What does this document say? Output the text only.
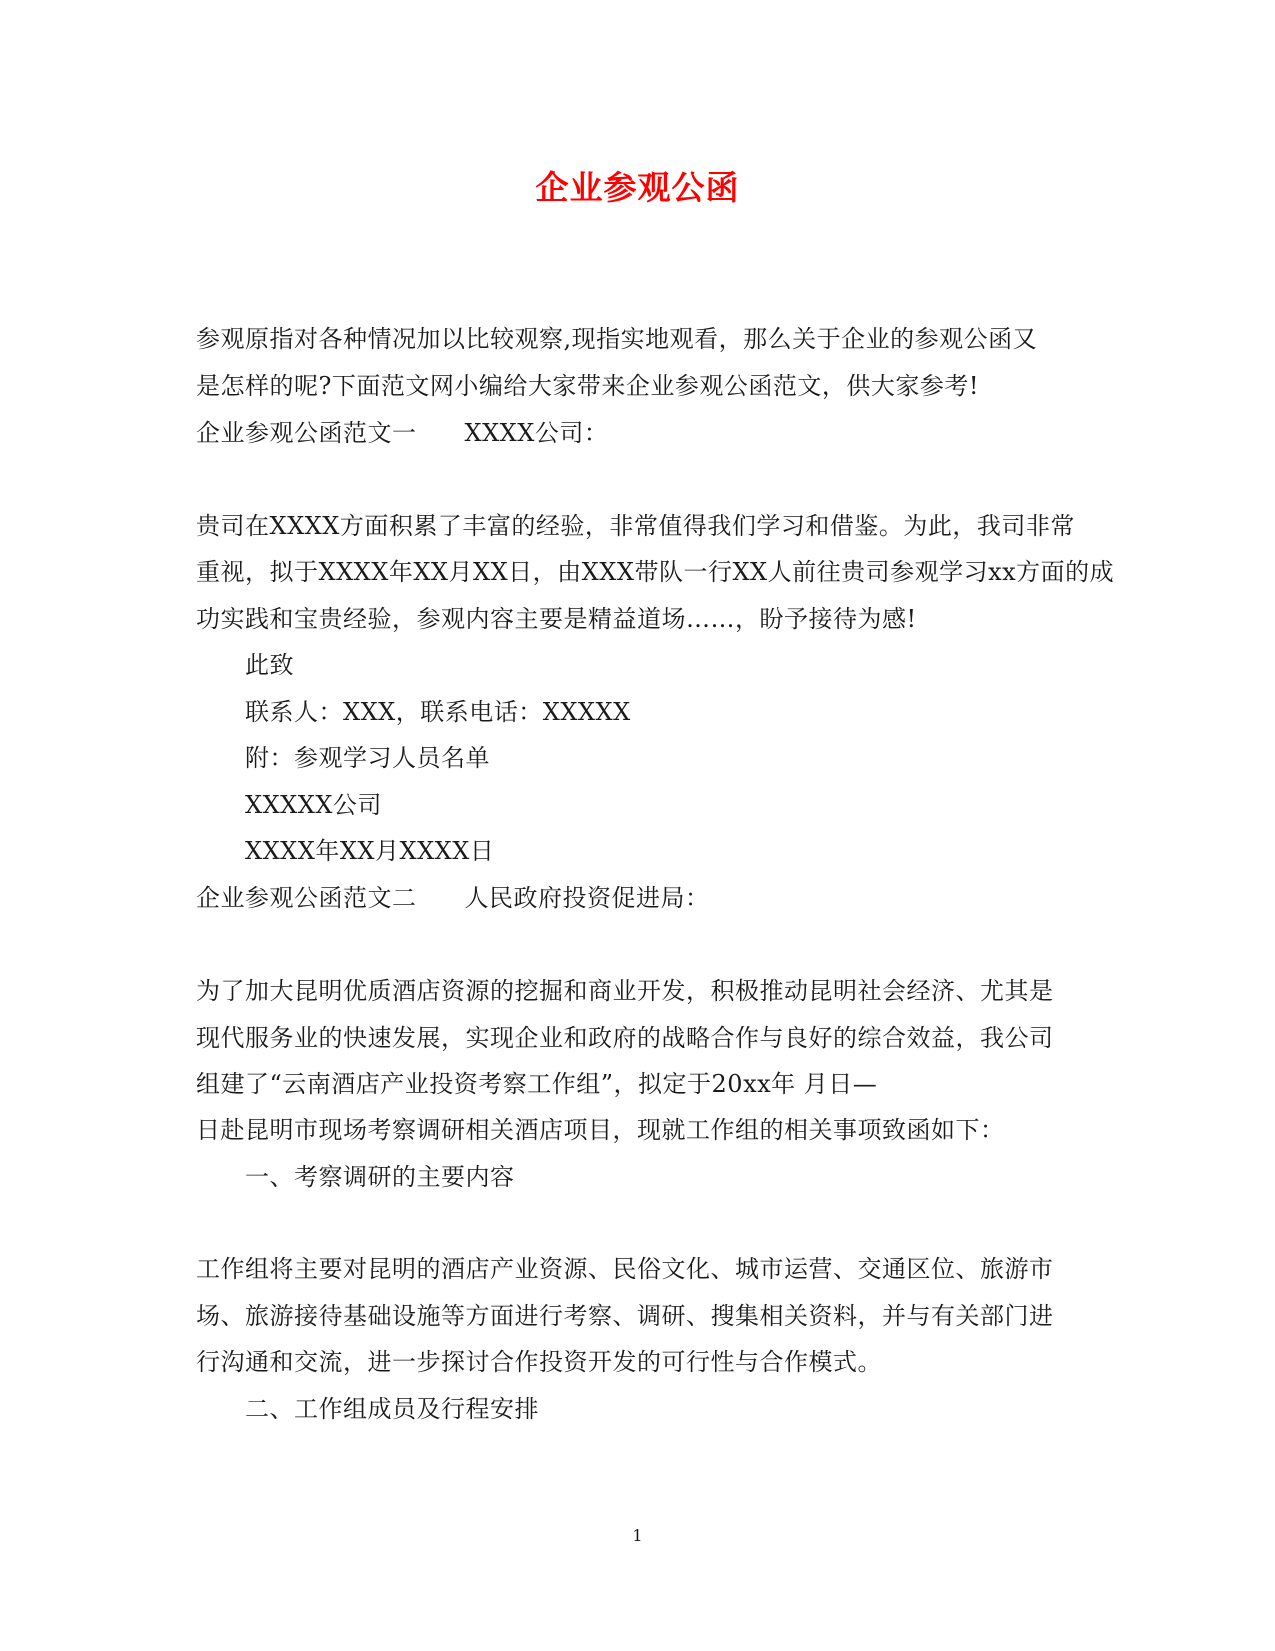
企业参观公函
参观原指对各种情况加以比较观察,现指实地观看，那么关于企业的参观公函又
是怎样的呢?下面范文网小编给大家带来企业参观公函范文，供大家参考!
企业参观公函范文一 XXXX公司：
贵司在XXXX方面积累了丰富的经验，非常值得我们学习和借鉴。为此，我司非常
重视，拟于XXXX年XX月XX日，由XXX带队一行XX人前往贵司参观学习xx方面的成
功实践和宝贵经验，参观内容主要是精益道场……，盼予接待为感!
此致
联系人：XXX，联系电话：XXXXX
附：参观学习人员名单
XXXXX公司
XXXX年XX月XXXX日
企业参观公函范文二 人民政府投资促进局：
为了加大昆明优质酒店资源的挖掘和商业开发，积极推动昆明社会经济、尤其是
现代服务业的快速发展，实现企业和政府的战略合作与良好的综合效益，我公司
组建了“云南酒店产业投资考察工作组”，拟定于20xx年 月日—
日赴昆明市现场考察调研相关酒店项目，现就工作组的相关事项致函如下：
一、考察调研的主要内容
工作组将主要对昆明的酒店产业资源、民俗文化、城市运营、交通区位、旅游市
场、旅游接待基础设施等方面进行考察、调研、搜集相关资料，并与有关部门进
行沟通和交流，进一步探讨合作投资开发的可行性与合作模式。
二、工作组成员及行程安排
1
